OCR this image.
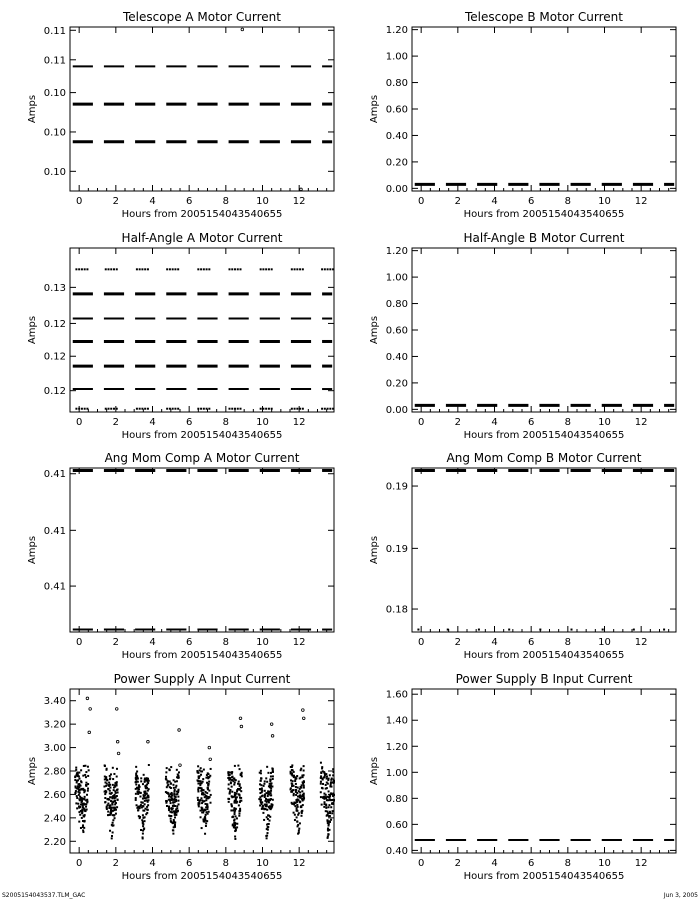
S2005154043537.TLM_GAC	Jun 3, 2005
Telescope A Motor Current
Hours from 2005154043540655
Amps
0	2	4	6	8	10 12
0.10
0.10
0.10
0.11
0.11
Telescope B Motor Current
Hours from 2005154043540655
Amps
0	2	4	6	8	10 12
0.00
0.20
0.40
0.60
0.80
1.00
1.20
Half-Angle A Motor Current
Hours from 2005154043540655
Amps
0	2	4	6	8	10 12
0.12
0.12
0.12
0.13
Half-Angle B Motor Current
Hours from 2005154043540655
Amps
0	2	4	6	8	10 12
0.00
0.20
0.40
0.60
0.80
1.00
1.20
Ang Mom Comp A Motor Current
Hours from 2005154043540655
Amps
0	2	4	6	8	10 12
0.41
0.41
0.41
Ang Mom Comp B Motor Current
Hours from 2005154043540655
Amps
0	2	4	6	8	10 12
0.18
0.19
0.19
Power Supply A Input Current
Hours from 2005154043540655
Amps
0	2	4	6	8	10 12
2.20
2.40
2.60
2.80
3.00
3.20
3.40
Power Supply B Input Current
Hours from 2005154043540655
Amps
0	2	4	6	8	10 12
0.40
0.60
0.80
1.00
1.20
1.40
1.60
